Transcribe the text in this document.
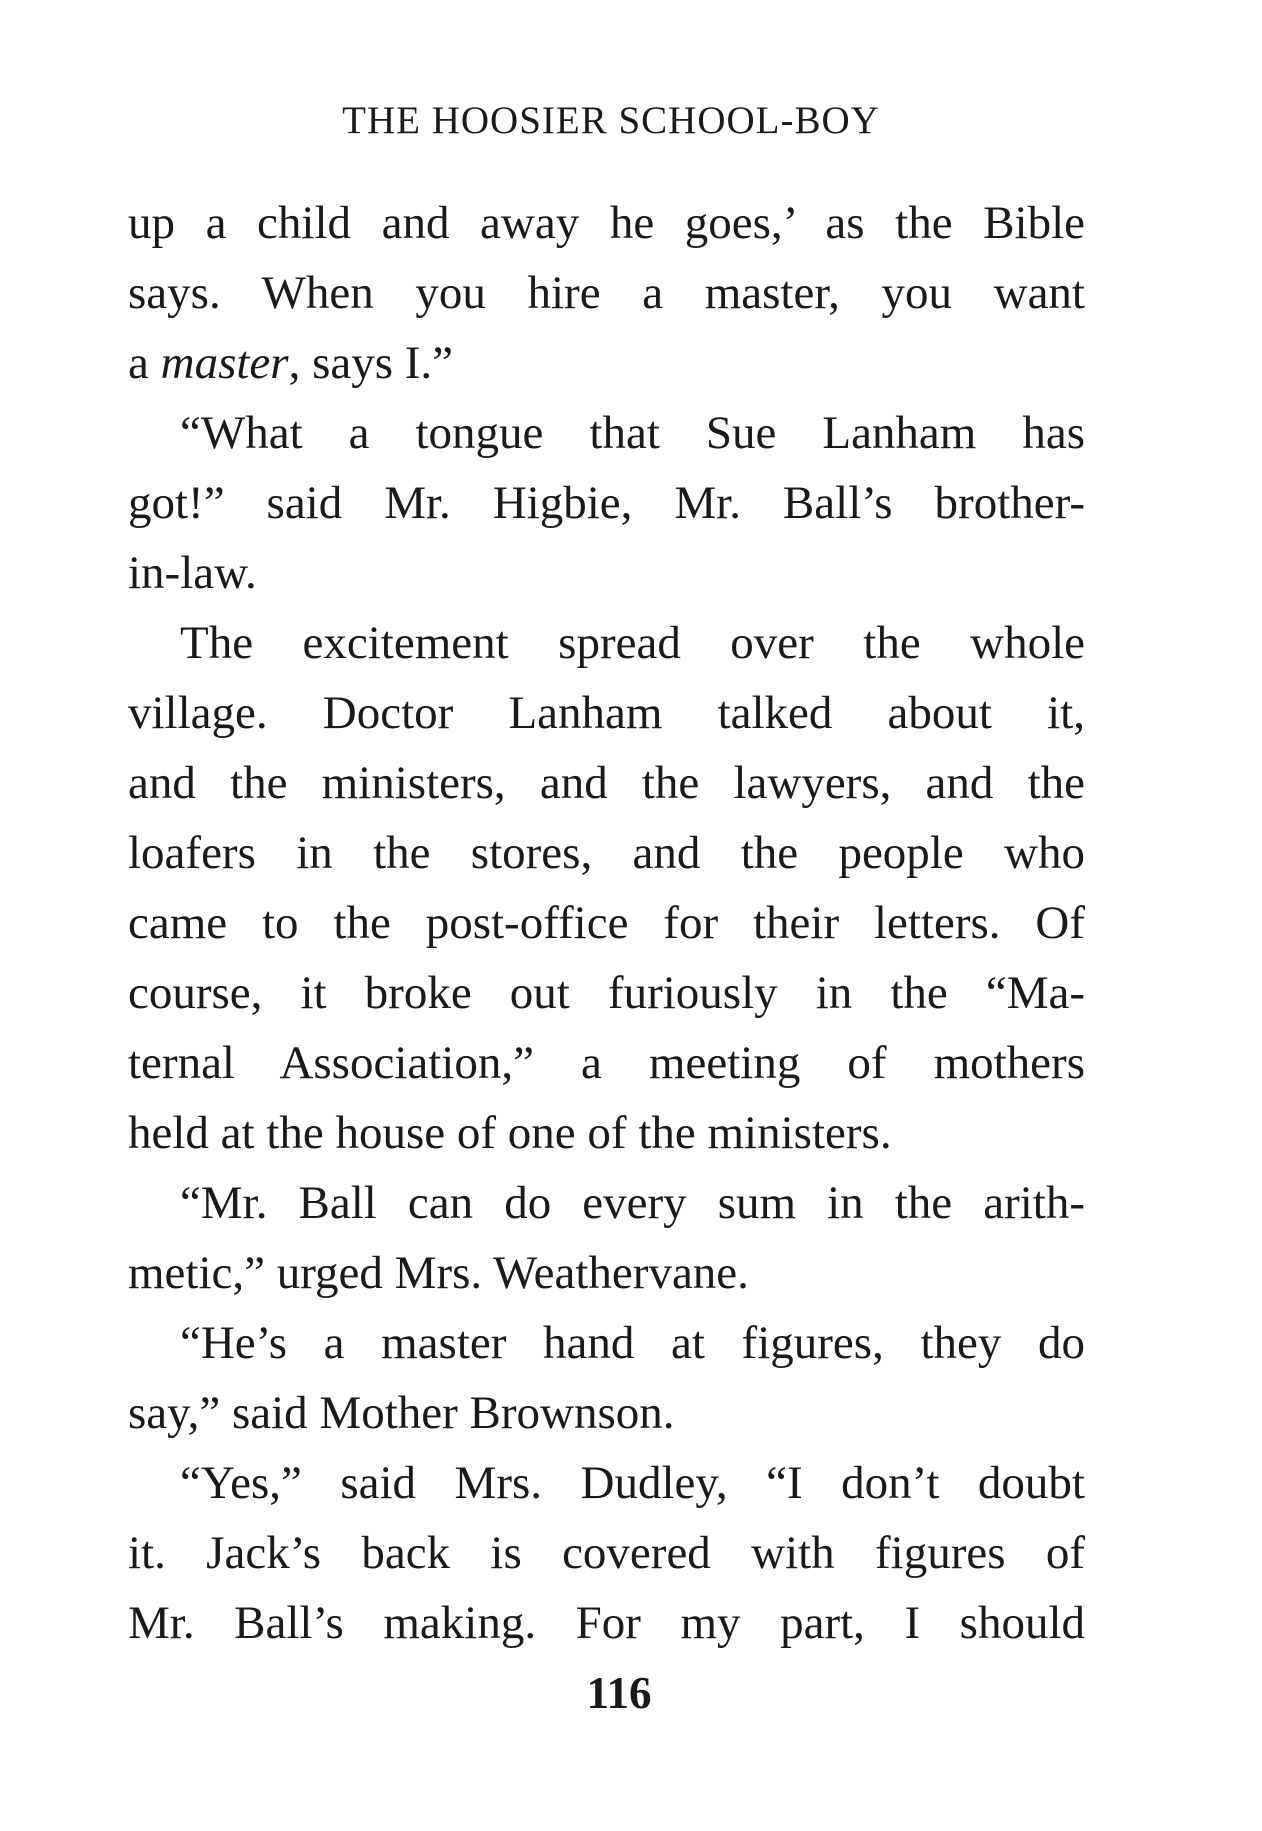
THE HOOSIER SCHOOL-BOY
up a child and away he goes,’ as the Bible
says. When you hire a master, you want
a master, says I.”
“What a tongue that Sue Lanham has
got!” said Mr. Higbie, Mr. Ball’s brother-
in-law.
The excitement spread over the whole
village. Doctor Lanham talked about it,
and the ministers, and the lawyers, and the
loafers in the stores, and the people who
came to the post-office for their letters. Of
course, it broke out furiously in the “Ma-
ternal Association,” a meeting of mothers
held at the house of one of the ministers.
“Mr. Ball can do every sum in the arith-
metic,” urged Mrs. Weathervane.
“He’s a master hand at figures, they do
say,” said Mother Brownson.
“Yes,” said Mrs. Dudley, “I don’t doubt
it. Jack’s back is covered with figures of
Mr. Ball’s making. For my part, I should
116
